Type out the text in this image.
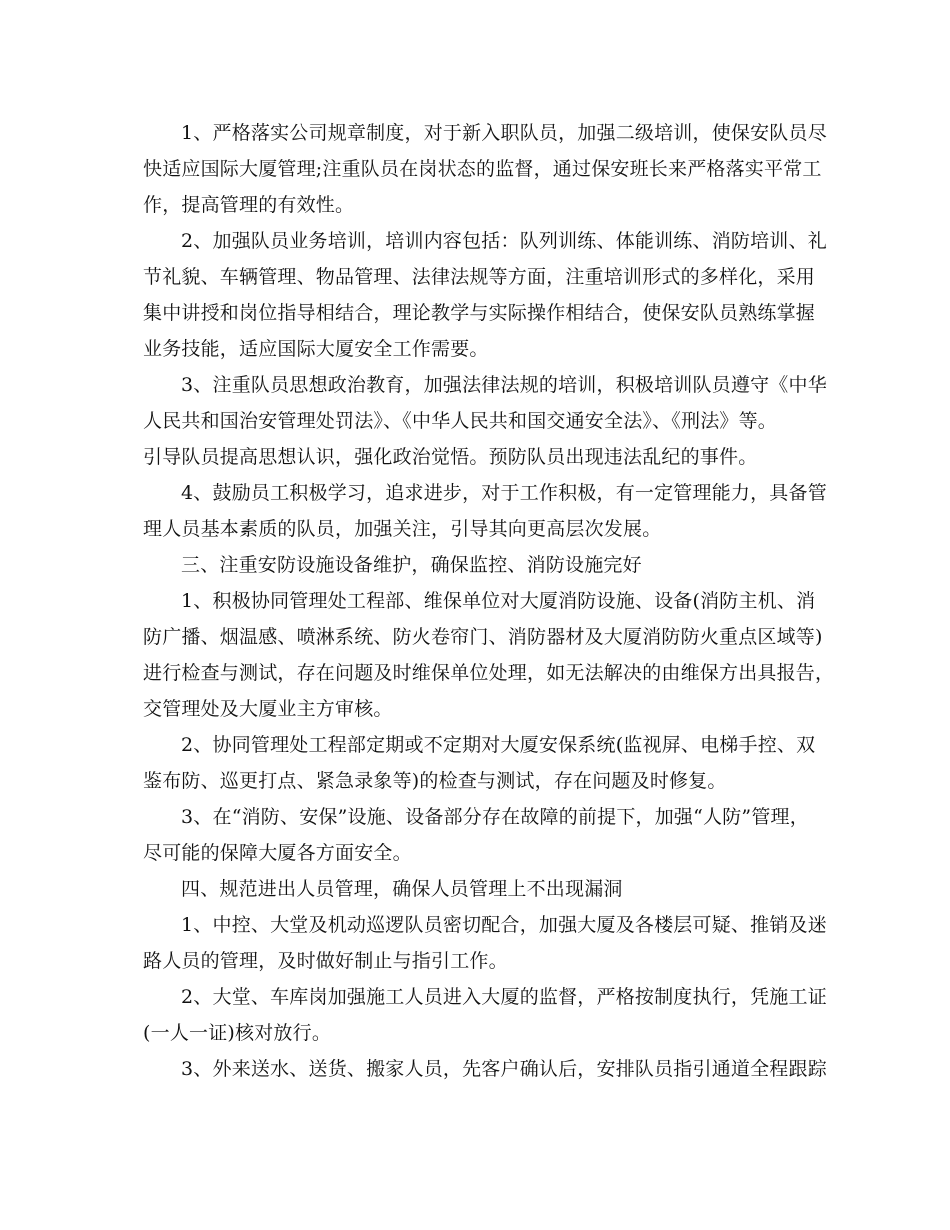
1、严格落实公司规章制度，对于新入职队员，加强二级培训，使保安队员尽
快适应国际大厦管理;注重队员在岗状态的监督，通过保安班长来严格落实平常工
作，提高管理的有效性。
2、加强队员业务培训，培训内容包括：队列训练、体能训练、消防培训、礼
节礼貌、车辆管理、物品管理、法律法规等方面，注重培训形式的多样化，采用
集中讲授和岗位指导相结合，理论教学与实际操作相结合，使保安队员熟练掌握
业务技能，适应国际大厦安全工作需要。
3、注重队员思想政治教育，加强法律法规的培训，积极培训队员遵守《中华
人民共和国治安管理处罚法》、《中华人民共和国交通安全法》、《刑法》等。
引导队员提高思想认识，强化政治觉悟。预防队员出现违法乱纪的事件。
4、鼓励员工积极学习，追求进步，对于工作积极，有一定管理能力，具备管
理人员基本素质的队员，加强关注，引导其向更高层次发展。
三、注重安防设施设备维护，确保监控、消防设施完好
1、积极协同管理处工程部、维保单位对大厦消防设施、设备(消防主机、消
防广播、烟温感、喷淋系统、防火卷帘门、消防器材及大厦消防防火重点区域等)
进行检查与测试，存在问题及时维保单位处理，如无法解决的由维保方出具报告，
交管理处及大厦业主方审核。
2、协同管理处工程部定期或不定期对大厦安保系统(监视屏、电梯手控、双
鉴布防、巡更打点、紧急录象等)的检查与测试，存在问题及时修复。
3、在“消防、安保”设施、设备部分存在故障的前提下，加强“人防”管理，
尽可能的保障大厦各方面安全。
四、规范进出人员管理，确保人员管理上不出现漏洞
1、中控、大堂及机动巡逻队员密切配合，加强大厦及各楼层可疑、推销及迷
路人员的管理，及时做好制止与指引工作。
2、大堂、车库岗加强施工人员进入大厦的监督，严格按制度执行，凭施工证
(一人一证)核对放行。
3、外来送水、送货、搬家人员，先客户确认后，安排队员指引通道全程跟踪
